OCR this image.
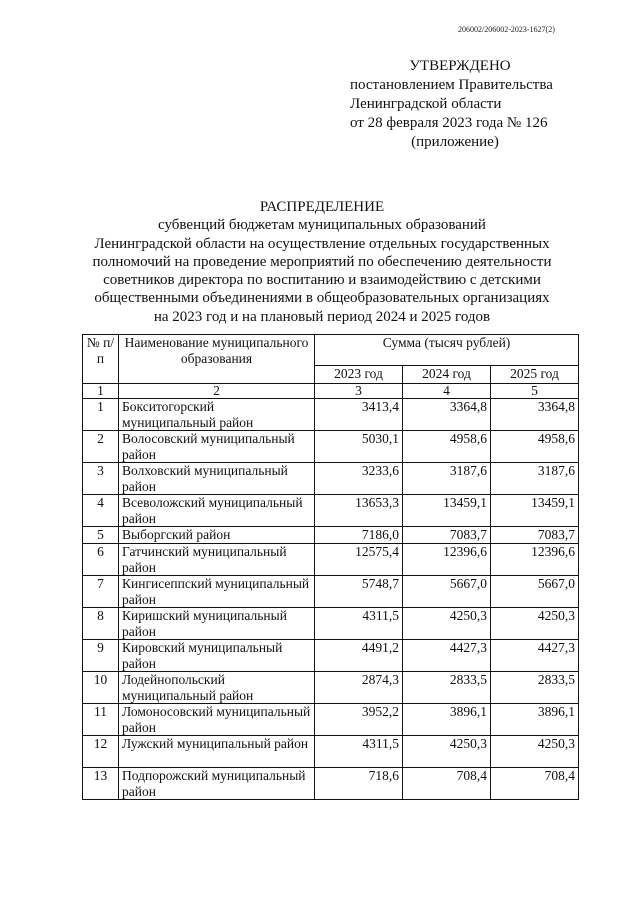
206002/206002-2023-1627(2)
УТВЕРЖДЕНО
постановлением Правительства
Ленинградской области
от 28 февраля 2023 года № 126
(приложение)
РАСПРЕДЕЛЕНИЕ
субвенций бюджетам муниципальных образований
Ленинградской области на осуществление отдельных государственных
полномочий на проведение мероприятий по обеспечению деятельности
советников директора по воспитанию и взаимодействию с детскими
общественными объединениями в общеобразовательных организациях
на 2023 год и на плановый период 2024 и 2025 годов
№ п/п	Наименование муниципального образования	Сумма (тысяч рублей)		
		2023 год	2024 год	2025 год
1	2	3	4	5
1	Бокситогорский муниципальный район	3413,4	3364,8	3364,8
2	Волосовский муниципальный район	5030,1	4958,6	4958,6
3	Волховский муниципальный район	3233,6	3187,6	3187,6
4	Всеволожский муниципальный район	13653,3	13459,1	13459,1
5	Выборгский район	7186,0	7083,7	7083,7
6	Гатчинский муниципальный район	12575,4	12396,6	12396,6
7	Кингисеппский муниципальный район	5748,7	5667,0	5667,0
8	Киришский муниципальный район	4311,5	4250,3	4250,3
9	Кировский муниципальный район	4491,2	4427,3	4427,3
10	Лодейнопольский муниципальный район	2874,3	2833,5	2833,5
11	Ломоносовский муниципальный район	3952,2	3896,1	3896,1
12	Лужский муниципальный район	4311,5	4250,3	4250,3
13	Подпорожский муниципальный район	718,6	708,4	708,4
